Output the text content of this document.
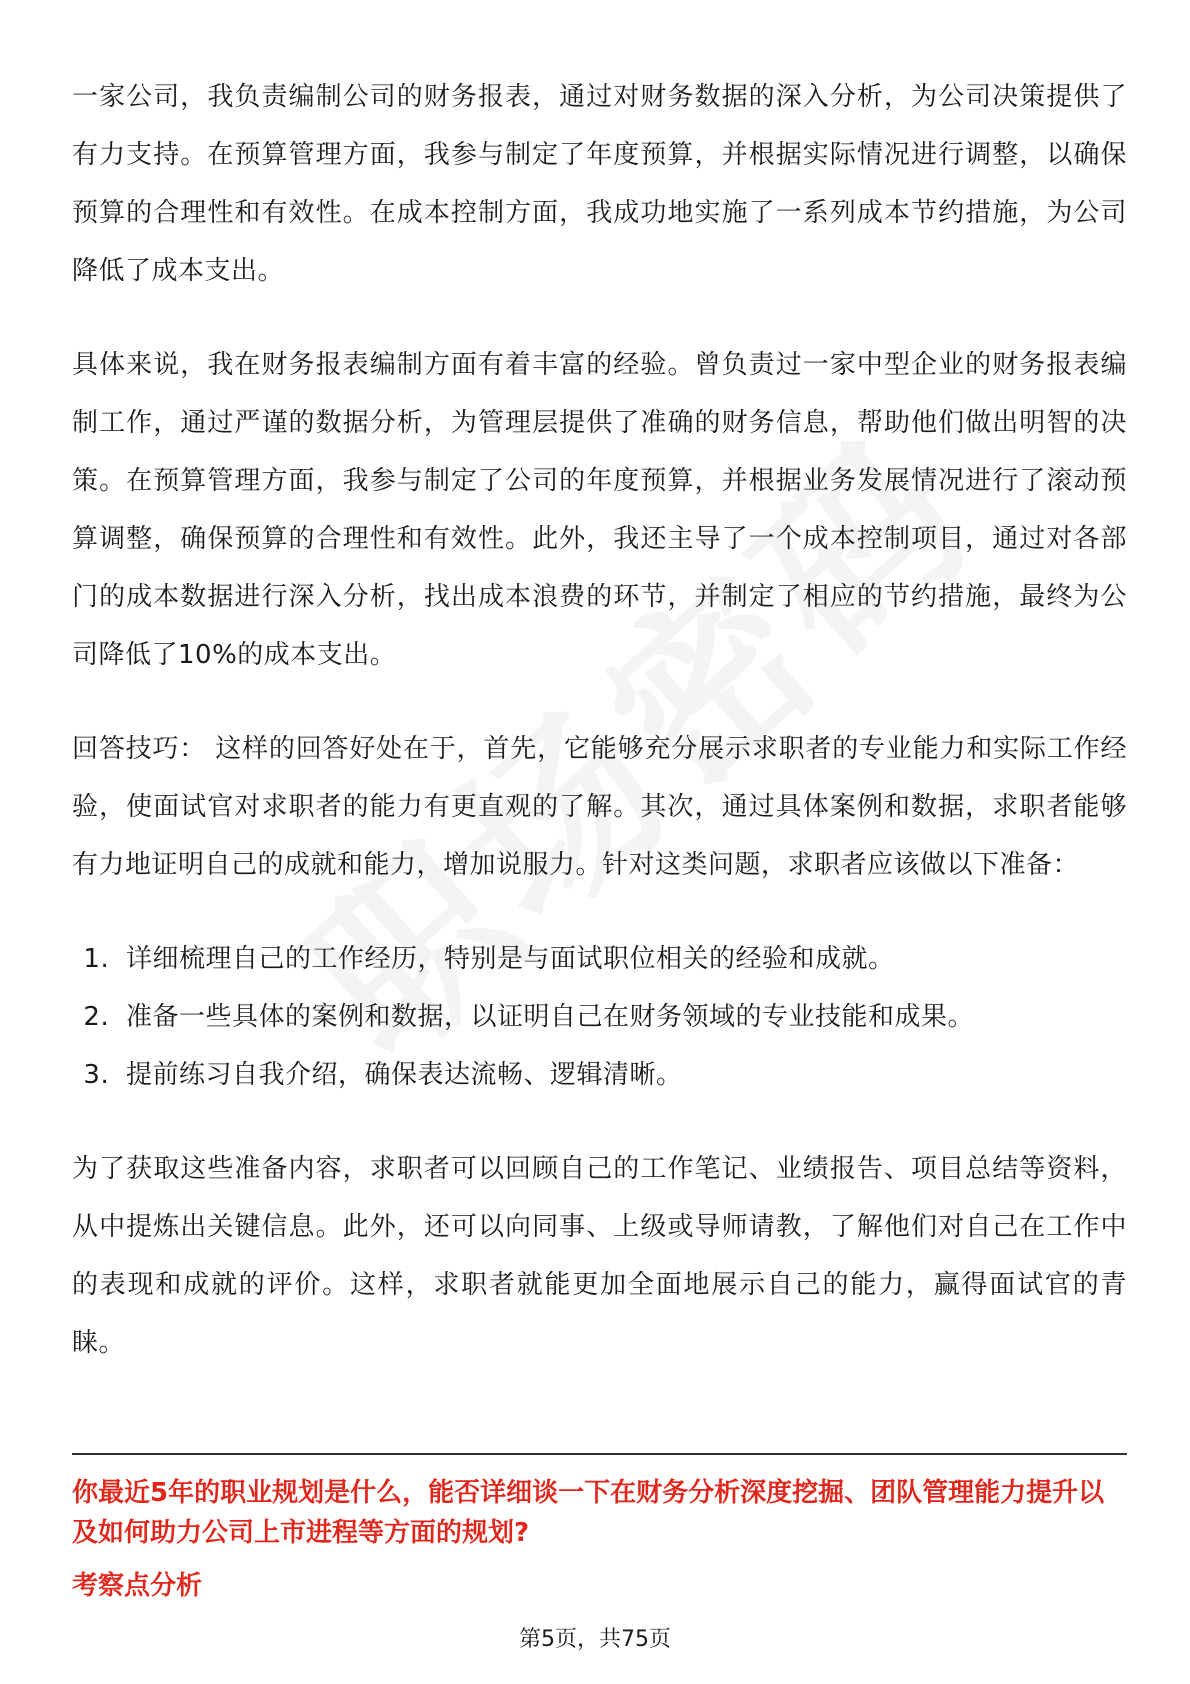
一家公司，我负责编制公司的财务报表，通过对财务数据的深入分析，为公司决策提供了有力支持。在预算管理方面，我参与制定了年度预算，并根据实际情况进行调整，以确保预算的合理性和有效性。在成本控制方面，我成功地实施了一系列成本节约措施，为公司降低了成本支出。

具体来说，我在财务报表编制方面有着丰富的经验。曾负责过一家中型企业的财务报表编制工作，通过严谨的数据分析，为管理层提供了准确的财务信息，帮助他们做出明智的决策。在预算管理方面，我参与制定了公司的年度预算，并根据业务发展情况进行了滚动预算调整，确保预算的合理性和有效性。此外，我还主导了一个成本控制项目，通过对各部门的成本数据进行深入分析，找出成本浪费的环节，并制定了相应的节约措施，最终为公司降低了10%的成本支出。

回答技巧： 这样的回答好处在于，首先，它能够充分展示求职者的专业能力和实际工作经验，使面试官对求职者的能力有更直观的了解。其次，通过具体案例和数据，求职者能够有力地证明自己的成就和能力，增加说服力。针对这类问题，求职者应该做以下准备：

1. 详细梳理自己的工作经历，特别是与面试职位相关的经验和成就。
2. 准备一些具体的案例和数据，以证明自己在财务领域的专业技能和成果。
3. 提前练习自我介绍，确保表达流畅、逻辑清晰。

为了获取这些准备内容，求职者可以回顾自己的工作笔记、业绩报告、项目总结等资料，从中提炼出关键信息。此外，还可以向同事、上级或导师请教，了解他们对自己在工作中的表现和成就的评价。这样，求职者就能更加全面地展示自己的能力，赢得面试官的青睐。

你最近5年的职业规划是什么，能否详细谈一下在财务分析深度挖掘、团队管理能力提升以及如何助力公司上市进程等方面的规划?
考察点分析
第5页，共75页
